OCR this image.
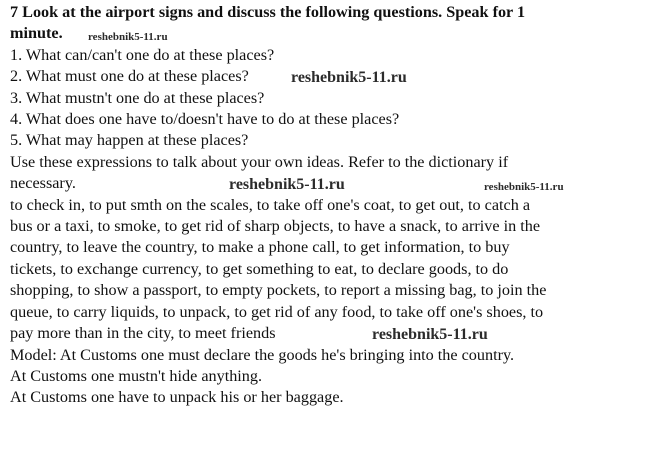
7 Look at the airport signs and discuss the following questions. Speak for 1
minute. reshebnik5-11.ru
1. What can/can't one do at these places?
2. What must one do at these places?	reshebnik5-11.ru
3. What mustn't one do at these places?
4. What does one have to/doesn't have to do at these places?
5. What may happen at these places?
Use these expressions to talk about your own ideas. Refer to the dictionary if
necessary.	reshebnik5-11.ru	reshebnik5-11.ru
to check in, to put smth on the scales, to take off one's coat, to get out, to catch a
bus or a taxi, to smoke, to get rid of sharp objects, to have a snack, to arrive in the
country, to leave the country, to make a phone call, to get information, to buy
tickets, to exchange currency, to get something to eat, to declare goods, to do
shopping, to show a passport, to empty pockets, to report a missing bag, to join the
queue, to carry liquids, to unpack, to get rid of any food, to take off one's shoes, to
pay more than in the city, to meet friends	reshebnik5-11.ru
Model: At Customs one must declare the goods he's bringing into the country.
At Customs one mustn't hide anything.
At Customs one have to unpack his or her baggage.
